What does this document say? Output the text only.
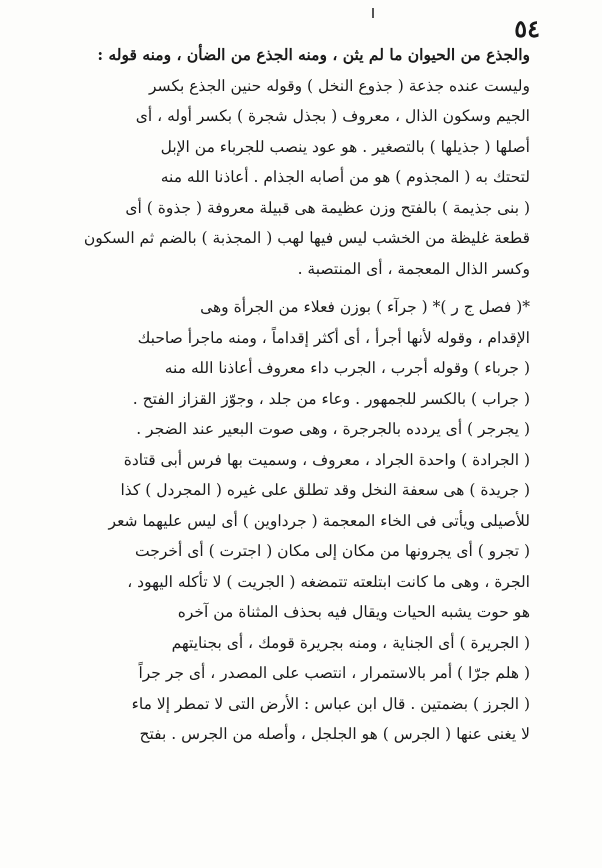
٥٤
والجذع من الحيوان ما لم يثن ، ومنه الجذع من الضأن ، ومنه قوله :
وليست عنده جذعة ( جذوع النخل ) وقوله حنين الجذع بكسر
الجيم وسكون الذال ، معروف ( بجذل شجرة ) بكسر أوله ، أى
أصلها ( جذيلها ) بالتصغير . هو عود ينصب للجرباء من الإبل
لتحتك به ( المجذوم ) هو من أصابه الجذام . أعاذنا الله منه
( بنى جذيمة ) بالفتح وزن عظيمة هى قبيلة معروفة ( جذوة ) أى
قطعة غليظة من الخشب ليس فيها لهب ( المجذبة ) بالضم ثم السكون
وكسر الذال المعجمة ، أى المنتصبة .
*( فصل ج ر )* ( جرآء ) بوزن فعلاء من الجرأة وهى
الإقدام ، وقوله لأنها أجرأ ، أى أكثر إقداماً ، ومنه ماجرأ صاحبك
( جرباء ) وقوله أجرب ، الجرب داء معروف أعاذنا الله منه
( جراب ) بالكسر للجمهور . وعاء من جلد ، وجوّز القزاز الفتح .
( يجرجر ) أى يردده بالجرجرة ، وهى صوت البعير عند الضجر .
( الجرادة ) واحدة الجراد ، معروف ، وسميت بها فرس أبى قتادة
( جريدة ) هى سعفة النخل وقد تطلق على غيره ( المجردل ) كذا
للأصيلى ويأتى فى الخاء المعجمة ( جرداوين ) أى ليس عليهما شعر
( تجرو ) أى يجرونها من مكان إلى مكان ( اجترت ) أى أخرجت
الجرة ، وهى ما كانت ابتلعته تتمضغه ( الجريت ) لا تأكله اليهود ،
هو حوت يشبه الحيات ويقال فيه بحذف المثناة من آخره
( الجريرة ) أى الجناية ، ومنه بجريرة قومك ، أى بجنايتهم
( هلم جرّا ) أمر بالاستمرار ، انتصب على المصدر ، أى جر جراً
( الجرز ) بضمتين . قال ابن عباس : الأرض التى لا تمطر إلا ماء
لا يغنى عنها ( الجرس ) هو الجلجل ، وأصله من الجرس . بفتح
